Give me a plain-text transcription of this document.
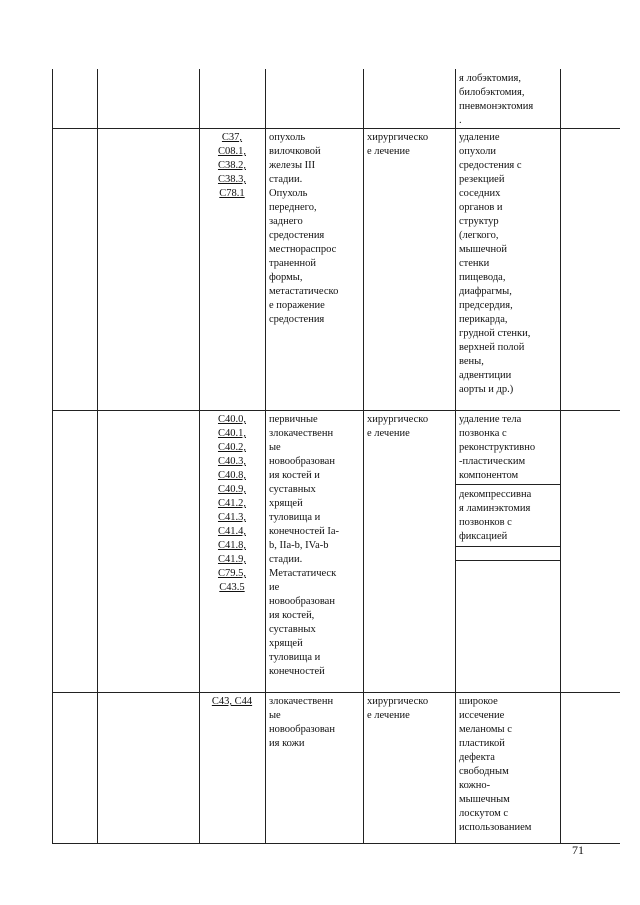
я лобэктомия,
билобэктомия,
пневмонэктомия
.
C37,
C08.1,
C38.2,
C38.3,
C78.1
опухоль
вилочковой
железы III
стадии.
Опухоль
переднего,
заднего
средостения
местнораспрос
траненной
формы,
метастатическо
е поражение
средостения
хирургическо
е лечение
удаление
опухоли
средостения с
резекцией
соседних
органов и
структур
(легкого,
мышечной
стенки
пищевода,
диафрагмы,
предсердия,
перикарда,
грудной стенки,
верхней полой
вены,
адвентиции
аорты и др.)
C40.0,
C40.1,
C40.2,
C40.3,
C40.8,
C40.9,
C41.2,
C41.3,
C41.4,
C41.8,
C41.9,
C79.5,
C43.5
первичные
злокачественн
ые
новообразован
ия костей и
суставных
хрящей
туловища и
конечностей Ia-
b, IIa-b, IVa-b
стадии.
Метастатическ
ие
новообразован
ия костей,
суставных
хрящей
туловища и
конечностей
хирургическо
е лечение
удаление тела
позвонка с
реконструктивно
-пластическим
компонентом
декомпрессивна
я ламинэктомия
позвонков с
фиксацией
C43, C44	злокачественн
ые
новообразован
ия кожи
хирургическо
е лечение
широкое
иссечение
меланомы с
пластикой
дефекта
свободным
кожно-
мышечным
лоскутом с
использованием
71
